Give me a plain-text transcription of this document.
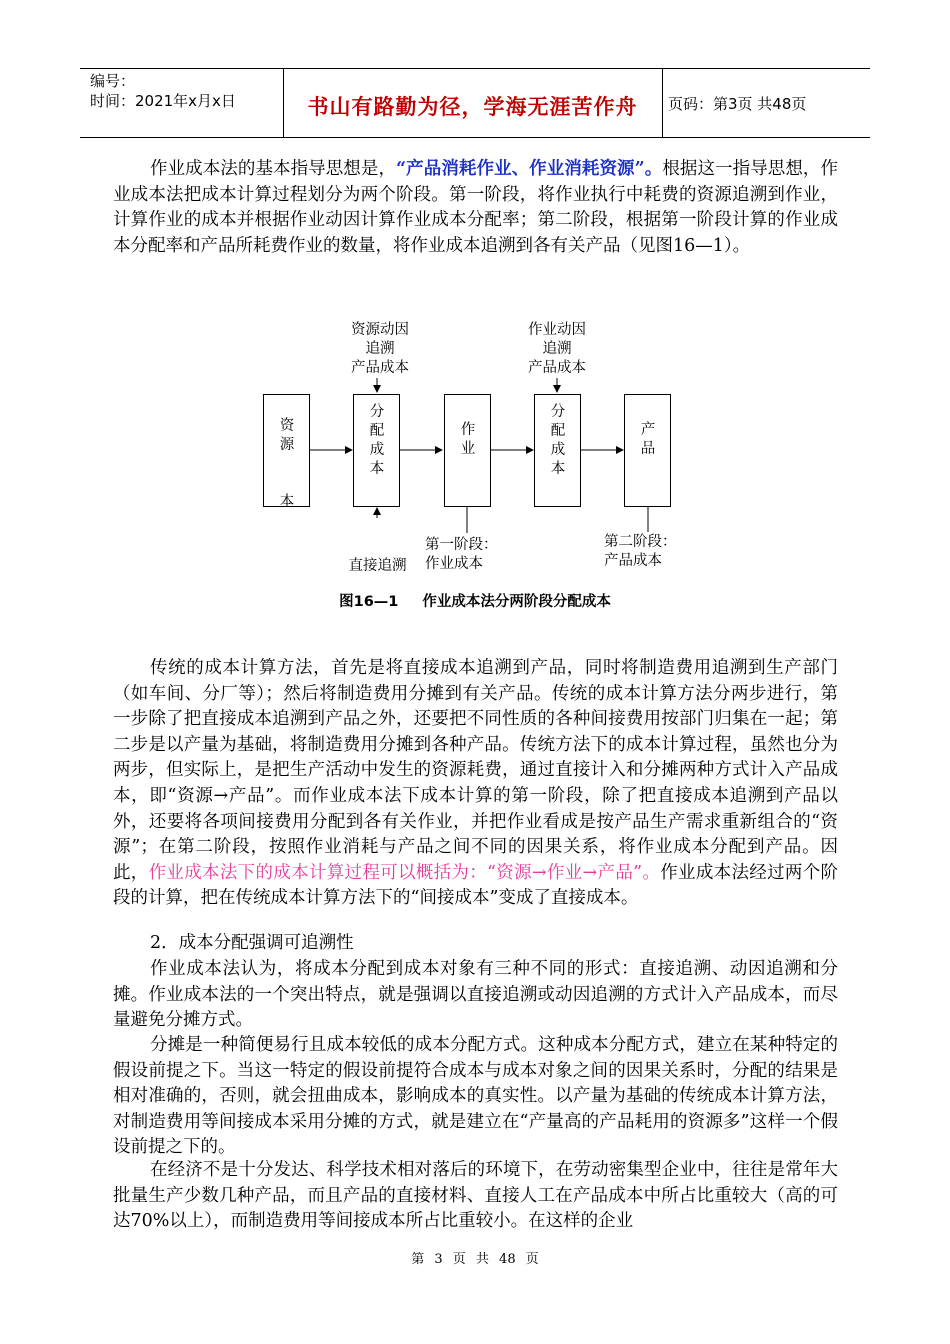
编号：
时间：2021年x月x日	书山有路勤为径，学海无涯苦作舟	页码：第3页 共48页

作业成本法的基本指导思想是，“产品消耗作业、作业消耗资源”。根据这一指导思想，作业成本法把成本计算过程划分为两个阶段。第一阶段，将作业执行中耗费的资源追溯到作业，计算作业的成本并根据作业动因计算作业成本分配率；第二阶段，根据第一阶段计算的作业成本分配率和产品所耗费作业的数量，将作业成本追溯到各有关产品（见图16—1）。

资源动因
追溯
产品成本
作业动因
追溯
产品成本
资
源

本
分
配
成
本
作
业
分
配
成
本
产
品
直接追溯
第一阶段：
作业成本
第二阶段：
产品成本
图16—1 作业成本法分两阶段分配成本

传统的成本计算方法，首先是将直接成本追溯到产品，同时将制造费用追溯到生产部门（如车间、分厂等）；然后将制造费用分摊到有关产品。传统的成本计算方法分两步进行，第一步除了把直接成本追溯到产品之外，还要把不同性质的各种间接费用按部门归集在一起；第二步是以产量为基础，将制造费用分摊到各种产品。传统方法下的成本计算过程，虽然也分为两步，但实际上，是把生产活动中发生的资源耗费，通过直接计入和分摊两种方式计入产品成本，即“资源→产品”。而作业成本法下成本计算的第一阶段，除了把直接成本追溯到产品以外，还要将各项间接费用分配到各有关作业，并把作业看成是按产品生产需求重新组合的“资源”；在第二阶段，按照作业消耗与产品之间不同的因果关系，将作业成本分配到产品。因此，作业成本法下的成本计算过程可以概括为：“资源→作业→产品”。作业成本法经过两个阶段的计算，把在传统成本计算方法下的“间接成本”变成了直接成本。

2．成本分配强调可追溯性

作业成本法认为，将成本分配到成本对象有三种不同的形式：直接追溯、动因追溯和分摊。作业成本法的一个突出特点，就是强调以直接追溯或动因追溯的方式计入产品成本，而尽量避免分摊方式。

分摊是一种简便易行且成本较低的成本分配方式。这种成本分配方式，建立在某种特定的假设前提之下。当这一特定的假设前提符合成本与成本对象之间的因果关系时，分配的结果是相对准确的，否则，就会扭曲成本，影响成本的真实性。以产量为基础的传统成本计算方法，对制造费用等间接成本采用分摊的方式，就是建立在“产量高的产品耗用的资源多”这样一个假设前提之下的。

在经济不是十分发达、科学技术相对落后的环境下，在劳动密集型企业中，往往是常年大批量生产少数几种产品，而且产品的直接材料、直接人工在产品成本中所占比重较大（高的可达70%以上），而制造费用等间接成本所占比重较小。在这样的企业

第 3 页 共 48 页
